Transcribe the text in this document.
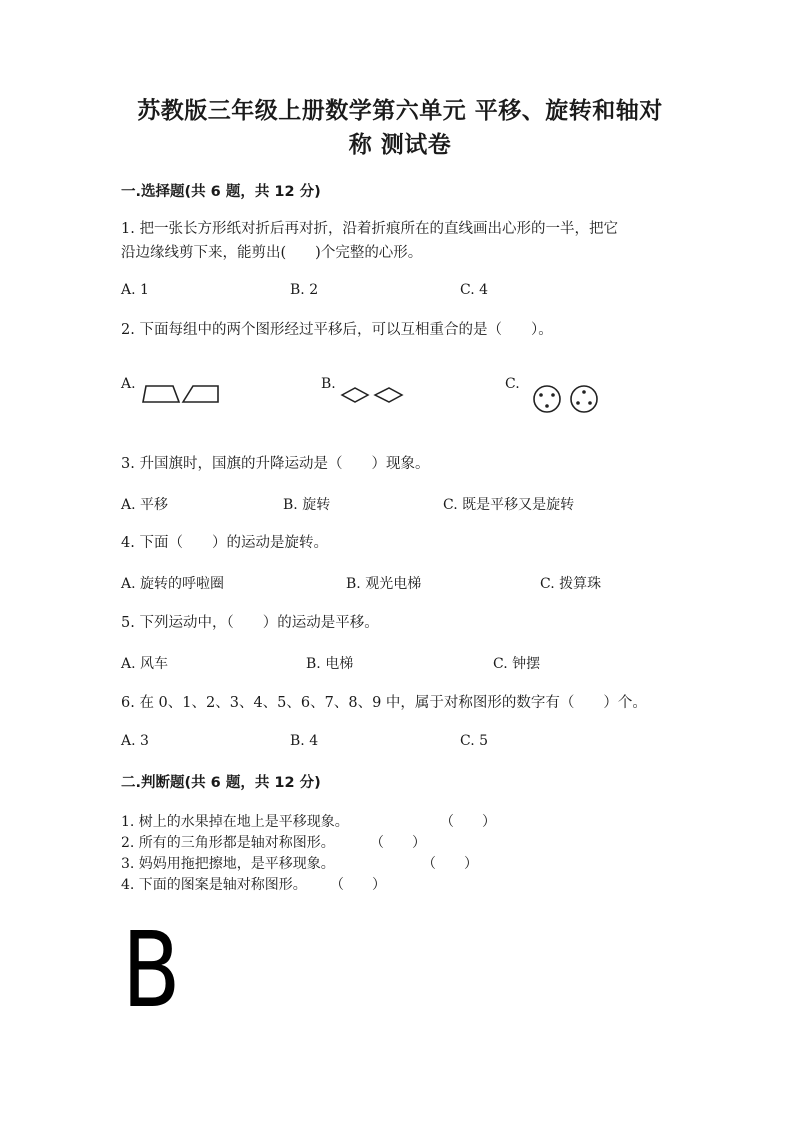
苏教版三年级上册数学第六单元 平移、旋转和轴对
称 测试卷
一.选择题(共 6 题，共 12 分)
1. 把一张长方形纸对折后再对折，沿着折痕所在的直线画出心形的一半，把它
沿边缘线剪下来，能剪出(　　)个完整的心形。
A. 1	B. 2	C. 4
2. 下面每组中的两个图形经过平移后，可以互相重合的是（　　）。
A.	B.	C.
3. 升国旗时，国旗的升降运动是（　　）现象。
A. 平移	B. 旋转	C. 既是平移又是旋转
4. 下面（　　）的运动是旋转。
A. 旋转的呼啦圈	B. 观光电梯	C. 拨算珠
5. 下列运动中，（　　）的运动是平移。
A. 风车	B. 电梯	C. 钟摆
6. 在 0、1、2、3、4、5、6、7、8、9 中，属于对称图形的数字有（　　）个。
A. 3	B. 4	C. 5
二.判断题(共 6 题，共 12 分)
1. 树上的水果掉在地上是平移现象。	（　　）
2. 所有的三角形都是轴对称图形。	（　　）
3. 妈妈用拖把擦地，是平移现象。	（　　）
4. 下面的图案是轴对称图形。 （　　）
B
